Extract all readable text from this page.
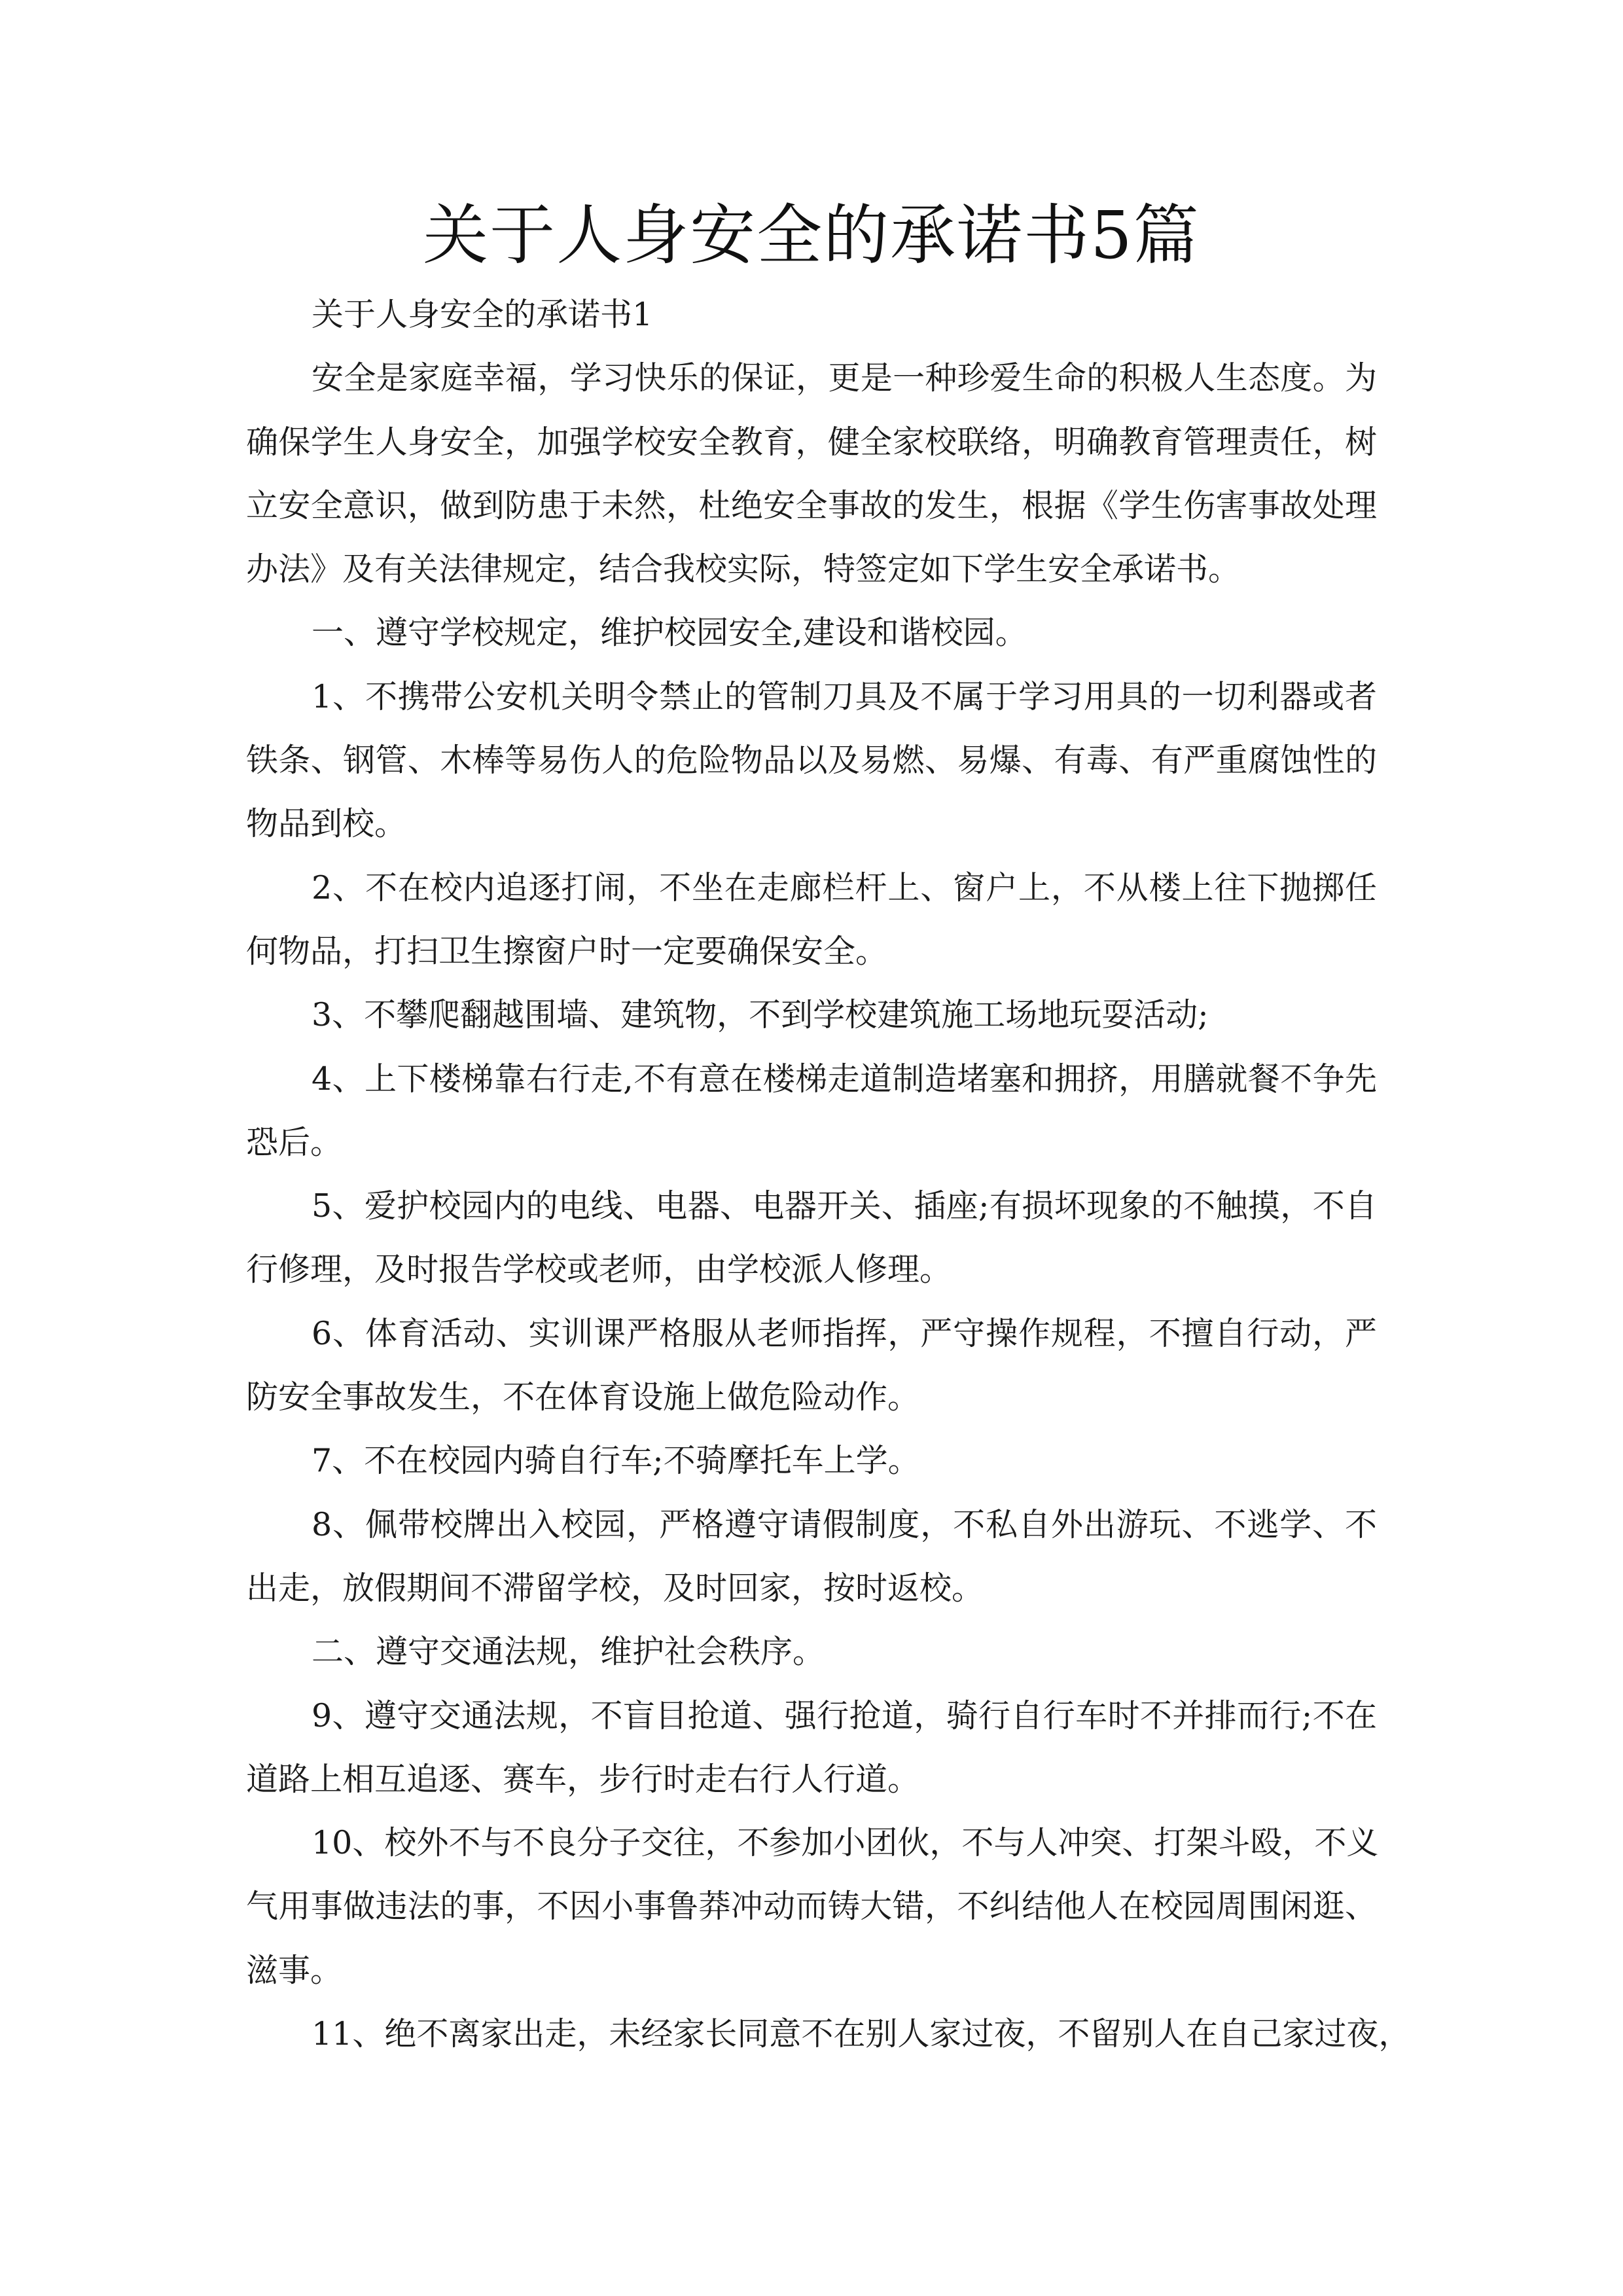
关于人身安全的承诺书5篇
关于人身安全的承诺书1
安全是家庭幸福，学习快乐的保证，更是一种珍爱生命的积极人生态度。为
确保学生人身安全，加强学校安全教育，健全家校联络，明确教育管理责任，树
立安全意识，做到防患于未然，杜绝安全事故的发生，根据《学生伤害事故处理
办法》及有关法律规定，结合我校实际，特签定如下学生安全承诺书。
一、遵守学校规定，维护校园安全,建设和谐校园。
1、不携带公安机关明令禁止的管制刀具及不属于学习用具的一切利器或者
铁条、钢管、木棒等易伤人的危险物品以及易燃、易爆、有毒、有严重腐蚀性的
物品到校。
2、不在校内追逐打闹，不坐在走廊栏杆上、窗户上，不从楼上往下抛掷任
何物品，打扫卫生擦窗户时一定要确保安全。
3、不攀爬翻越围墙、建筑物，不到学校建筑施工场地玩耍活动;
4、上下楼梯靠右行走,不有意在楼梯走道制造堵塞和拥挤，用膳就餐不争先
恐后。
5、爱护校园内的电线、电器、电器开关、插座;有损坏现象的不触摸，不自
行修理，及时报告学校或老师，由学校派人修理。
6、体育活动、实训课严格服从老师指挥，严守操作规程，不擅自行动，严
防安全事故发生，不在体育设施上做危险动作。
7、不在校园内骑自行车;不骑摩托车上学。
8、佩带校牌出入校园，严格遵守请假制度，不私自外出游玩、不逃学、不
出走，放假期间不滞留学校，及时回家，按时返校。
二、遵守交通法规，维护社会秩序。
9、遵守交通法规，不盲目抢道、强行抢道，骑行自行车时不并排而行;不在
道路上相互追逐、赛车，步行时走右行人行道。
10、校外不与不良分子交往，不参加小团伙，不与人冲突、打架斗殴，不义
气用事做违法的事，不因小事鲁莽冲动而铸大错，不纠结他人在校园周围闲逛、
滋事。
11、绝不离家出走，未经家长同意不在别人家过夜，不留别人在自己家过夜，
